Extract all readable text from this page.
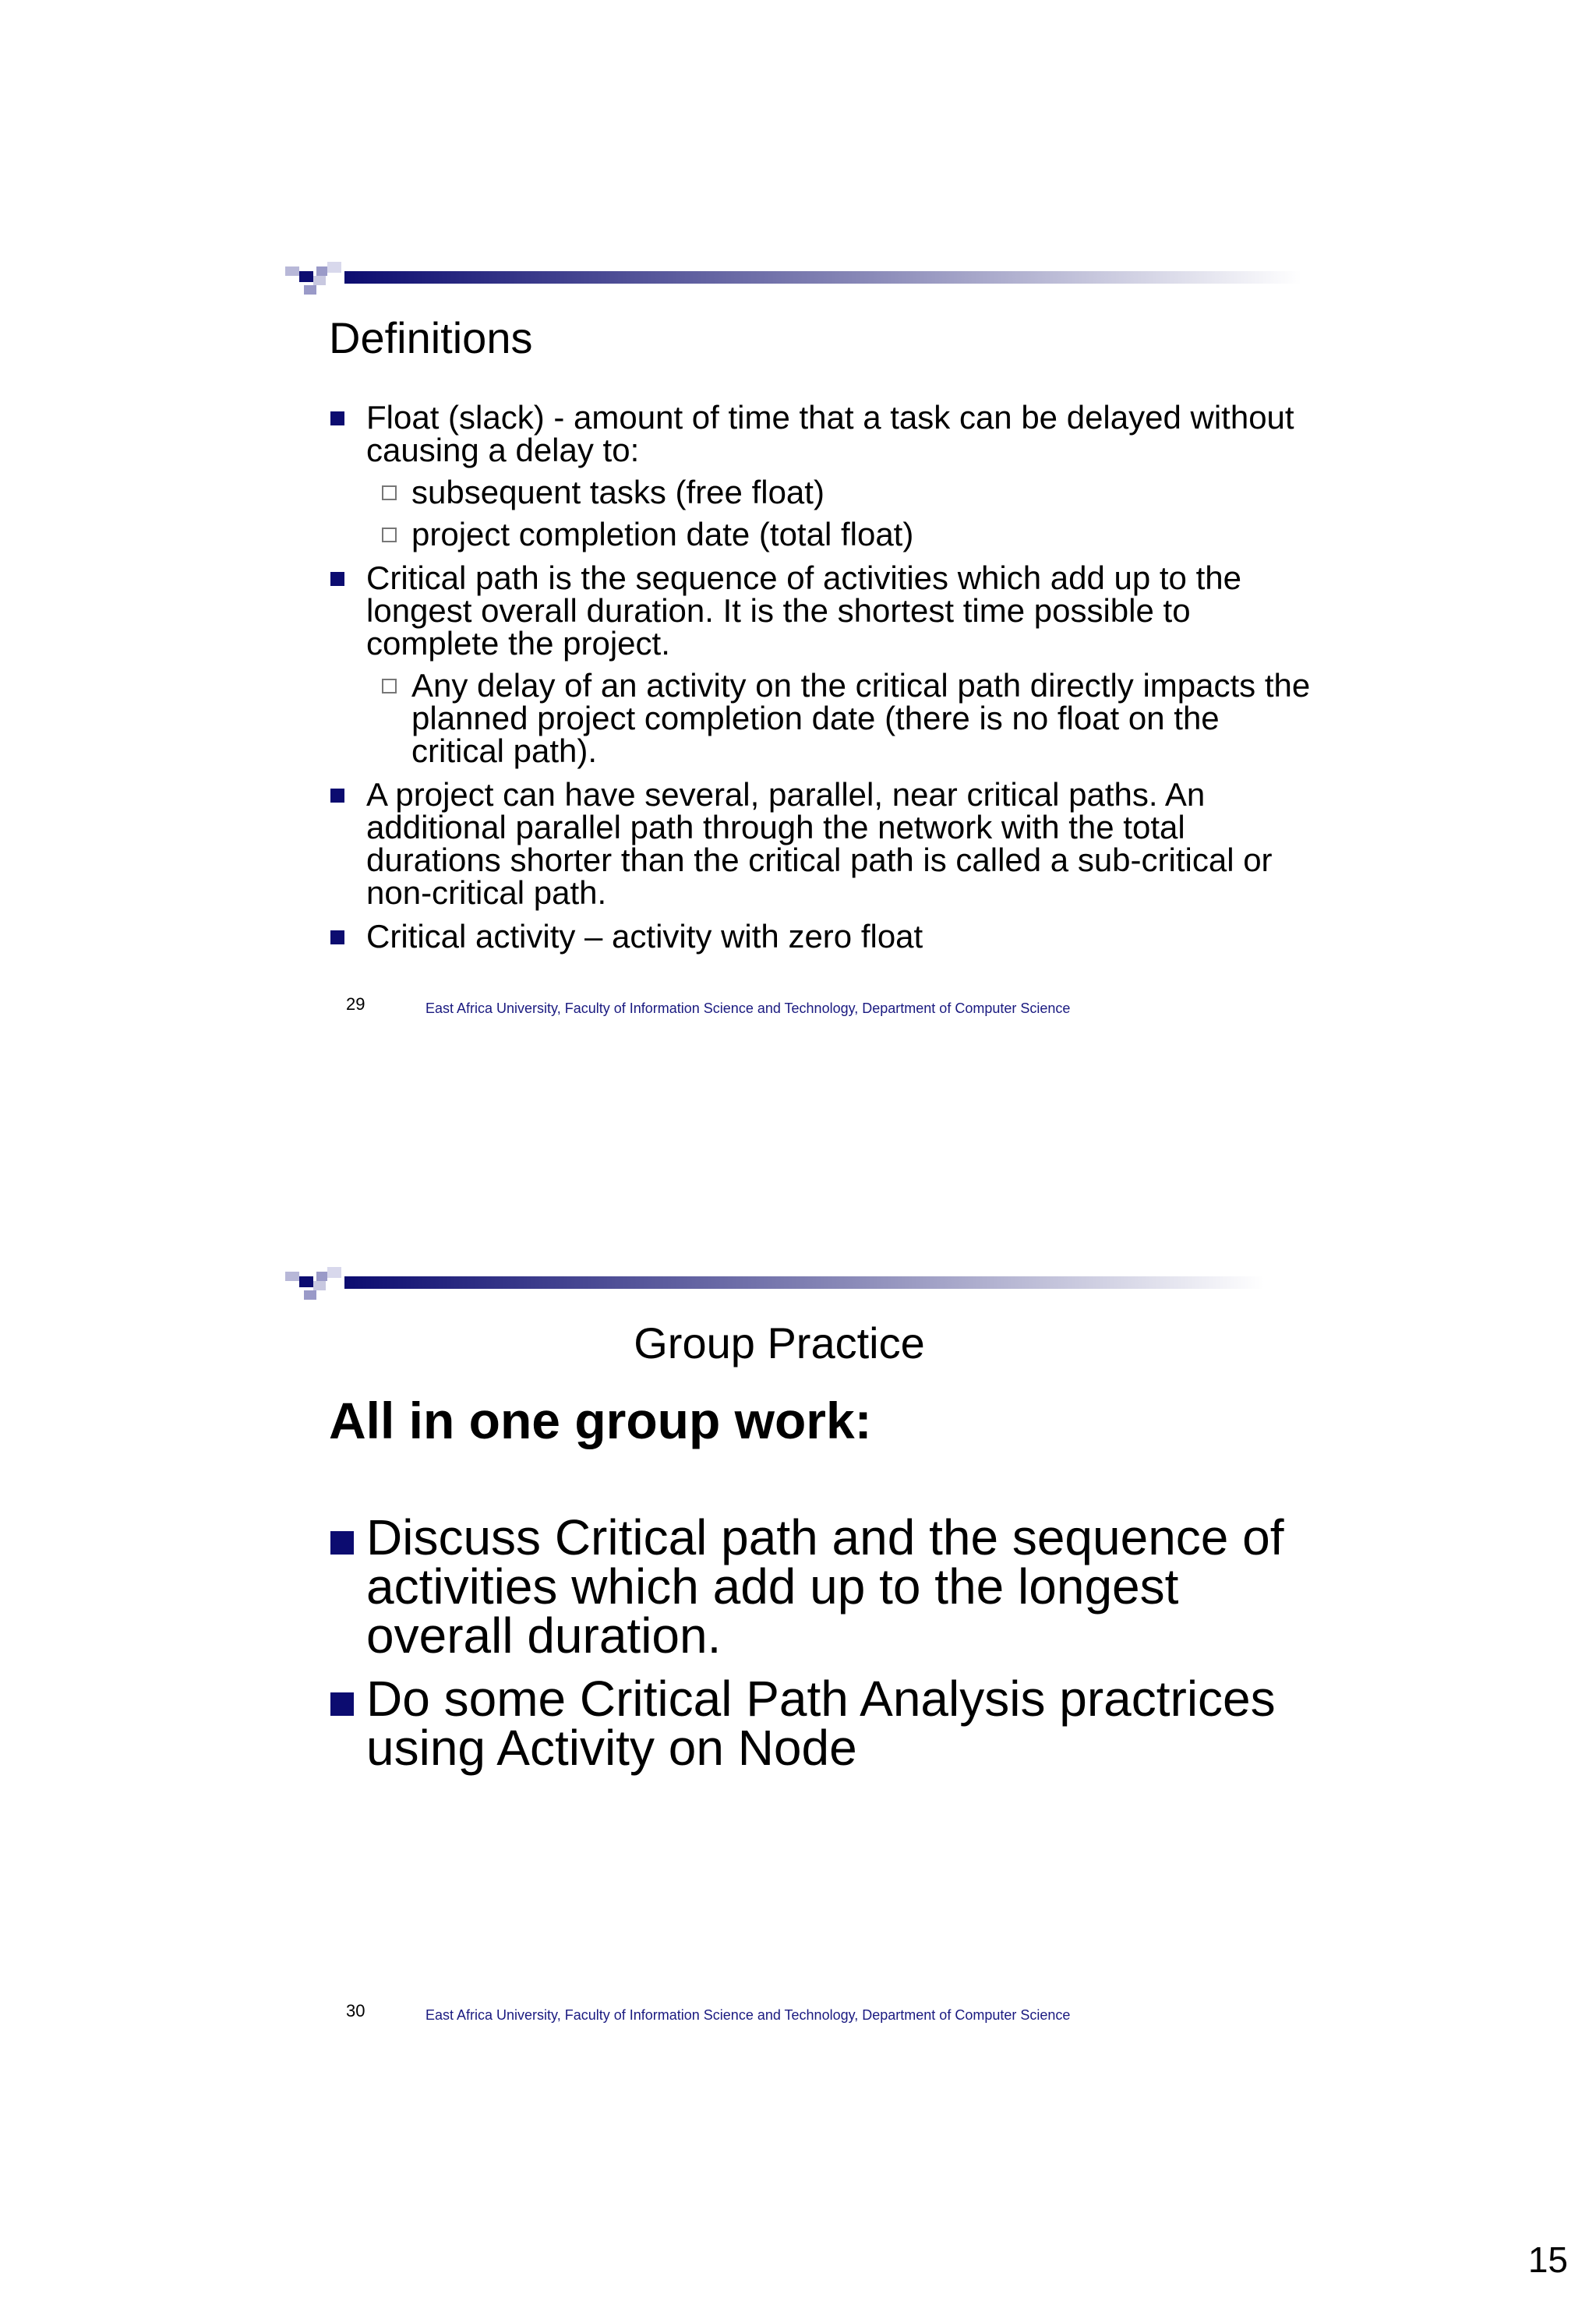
Definitions
Float (slack) - amount of time that a task can be delayed without causing a delay to:
subsequent tasks (free float)
project completion date (total float)
Critical path is the sequence of activities which add up to the longest overall duration. It is the shortest time possible to complete the project.
Any delay of an activity on the critical path directly impacts the planned project completion date (there is no float on the critical path).
A project can have several, parallel, near critical paths. An additional parallel path through the network with the total durations shorter than the critical path is called a sub-critical or non-critical path.
Critical activity – activity with zero float
29	East Africa University, Faculty of Information Science and Technology, Department of Computer Science
Group Practice
All in one group work:
Discuss Critical path and the sequence of activities which add up to the longest overall duration.
Do some Critical Path Analysis practrices using Activity on Node
30	East Africa University, Faculty of Information Science and Technology, Department of Computer Science
15
